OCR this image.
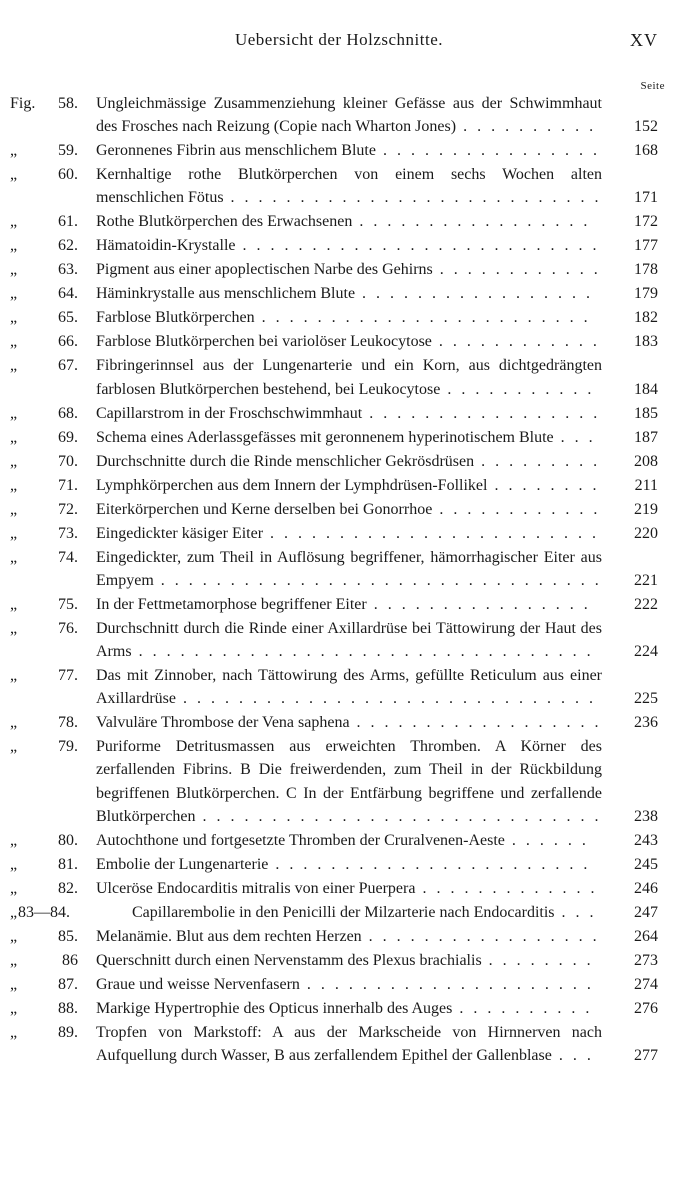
Uebersicht der Holzschnitte.	XV
Seite
Fig.	58.	Ungleichmässige Zusammenziehung kleiner Gefässe aus der Schwimmhaut des Frosches nach Reizung (Copie nach Wharton Jones) . . . . . . . . . .	152
„	59.	Geronnenes Fibrin aus menschlichem Blute . . . . . . . . . . . . . . . .	168
„	60.	Kernhaltige rothe Blutkörperchen von einem sechs Wochen alten menschlichen Fötus . . . . . . . . . . . . . . . . . . . . . . . . . . .	171
„	61.	Rothe Blutkörperchen des Erwachsenen . . . . . . . . . . . . . . . . .	172
„	62.	Hämatoidin-Krystalle . . . . . . . . . . . . . . . . . . . . . . . . . .	177
„	63.	Pigment aus einer apoplectischen Narbe des Gehirns . . . . . . . . . . . .	178
„	64.	Häminkrystalle aus menschlichem Blute . . . . . . . . . . . . . . . . .	179
„	65.	Farblose Blutkörperchen . . . . . . . . . . . . . . . . . . . . . . . .	182
„	66.	Farblose Blutkörperchen bei variolöser Leukocytose . . . . . . . . . . . .	183
„	67.	Fibringerinnsel aus der Lungenarterie und ein Korn, aus dichtgedrängten farblosen Blutkörperchen bestehend, bei Leukocytose . . . . . . . . . . .	184
„	68.	Capillarstrom in der Froschschwimmhaut . . . . . . . . . . . . . . . . .	185
„	69.	Schema eines Aderlassgefässes mit geronnenem hyperinotischem Blute . . .	187
„	70.	Durchschnitte durch die Rinde menschlicher Gekrösdrüsen . . . . . . . . .	208
„	71.	Lymphkörperchen aus dem Innern der Lymphdrüsen-Follikel . . . . . . . .	211
„	72.	Eiterkörperchen und Kerne derselben bei Gonorrhoe . . . . . . . . . . . .	219
„	73.	Eingedickter käsiger Eiter . . . . . . . . . . . . . . . . . . . . . . . .	220
„	74.	Eingedickter, zum Theil in Auflösung begriffener, hämorrhagischer Eiter aus Empyem . . . . . . . . . . . . . . . . . . . . . . . . . . . . . . . .	221
„	75.	In der Fettmetamorphose begriffener Eiter . . . . . . . . . . . . . . . .	222
„	76.	Durchschnitt durch die Rinde einer Axillardrüse bei Tättowirung der Haut des Arms . . . . . . . . . . . . . . . . . . . . . . . . . . . . . . . . .	224
„	77.	Das mit Zinnober, nach Tättowirung des Arms, gefüllte Reticulum aus einer Axillardrüse . . . . . . . . . . . . . . . . . . . . . . . . . . . . . .	225
„	78.	Valvuläre Thrombose der Vena saphena . . . . . . . . . . . . . . . . . .	236
„	79.	Puriforme Detritusmassen aus erweichten Thromben. A Körner des zerfallenden Fibrins. B Die freiwerdenden, zum Theil in der Rückbildung begriffenen Blutkörperchen. C In der Entfärbung begriffene und zerfallende Blutkörperchen . . . . . . . . . . . . . . . . . . . . . . . . . . . . .	238
„	80.	Autochthone und fortgesetzte Thromben der Cruralvenen-Aeste . . . . . .	243
„	81.	Embolie der Lungenarterie . . . . . . . . . . . . . . . . . . . . . . .	245
„	82.	Ulceröse Endocarditis mitralis von einer Puerpera . . . . . . . . . . . . .	246
„ 83—84.	Capillarembolie in den Penicilli der Milzarterie nach Endocarditis . . .	247
„	85.	Melanämie. Blut aus dem rechten Herzen . . . . . . . . . . . . . . . . .	264
„	86	Querschnitt durch einen Nervenstamm des Plexus brachialis . . . . . . . .	273
„	87.	Graue und weisse Nervenfasern . . . . . . . . . . . . . . . . . . . . .	274
„	88.	Markige Hypertrophie des Opticus innerhalb des Auges . . . . . . . . . .	276
„	89.	Tropfen von Markstoff: A aus der Markscheide von Hirnnerven nach Aufquellung durch Wasser, B aus zerfallendem Epithel der Gallenblase . . .	277
